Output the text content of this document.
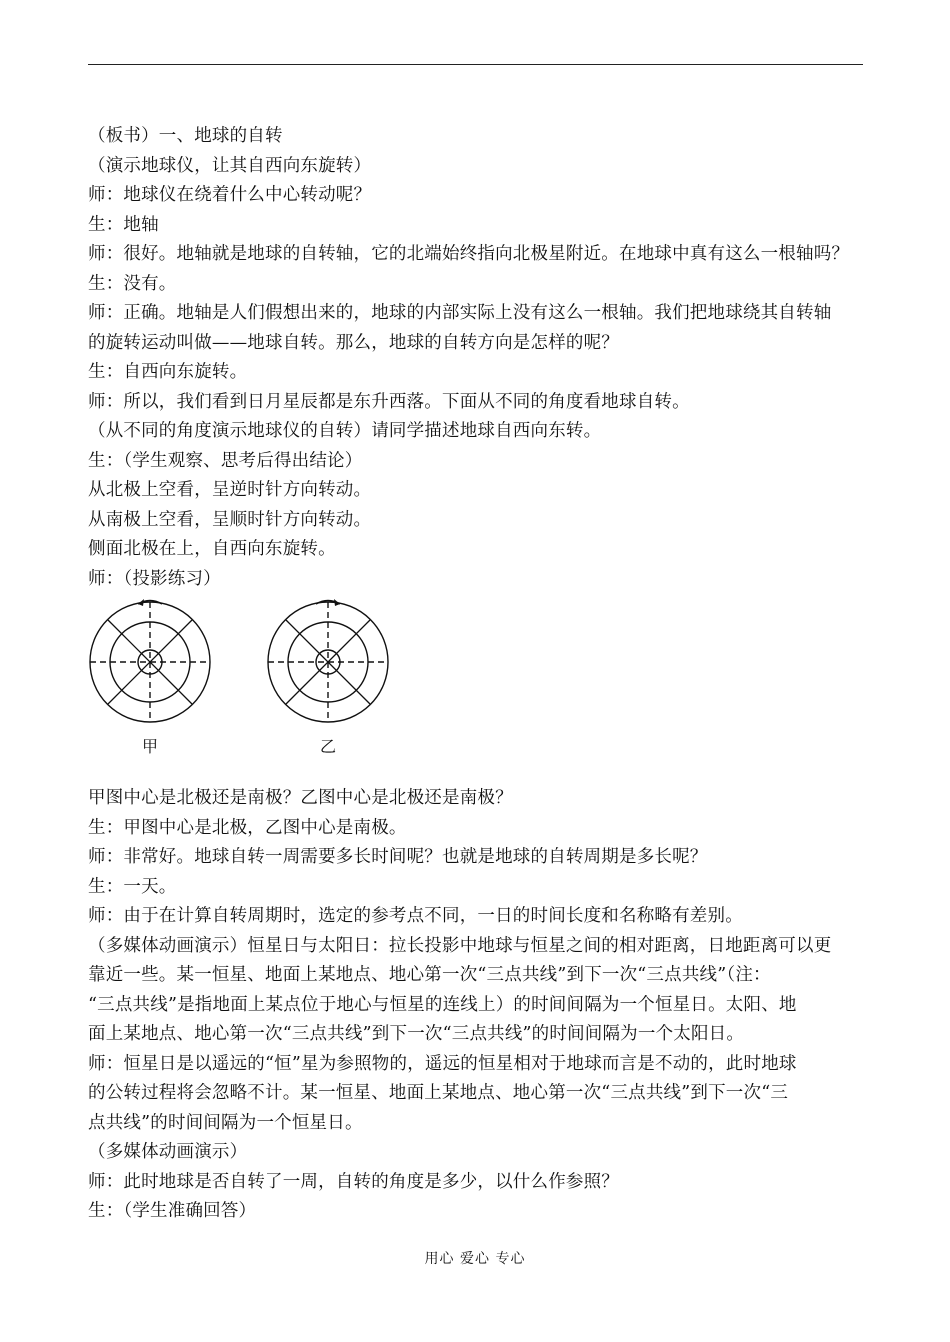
（板书）一、地球的自转
（演示地球仪，让其自西向东旋转）
师：地球仪在绕着什么中心转动呢？
生：地轴
师：很好。地轴就是地球的自转轴，它的北端始终指向北极星附近。在地球中真有这么一根轴吗？
生：没有。
师：正确。地轴是人们假想出来的，地球的内部实际上没有这么一根轴。我们把地球绕其自转轴
的旋转运动叫做——地球自转。那么，地球的自转方向是怎样的呢？
生：自西向东旋转。
师：所以，我们看到日月星辰都是东升西落。下面从不同的角度看地球自转。
（从不同的角度演示地球仪的自转）请同学描述地球自西向东转。
生：（学生观察、思考后得出结论）
从北极上空看，呈逆时针方向转动。
从南极上空看，呈顺时针方向转动。
侧面北极在上，自西向东旋转。
师：（投影练习）
甲	乙
甲图中心是北极还是南极？乙图中心是北极还是南极？
生：甲图中心是北极，乙图中心是南极。
师：非常好。地球自转一周需要多长时间呢？也就是地球的自转周期是多长呢？
生：一天。
师：由于在计算自转周期时，选定的参考点不同，一日的时间长度和名称略有差别。
（多媒体动画演示）恒星日与太阳日：拉长投影中地球与恒星之间的相对距离，日地距离可以更
靠近一些。某一恒星、地面上某地点、地心第一次“三点共线”到下一次“三点共线”（注：
“三点共线”是指地面上某点位于地心与恒星的连线上）的时间间隔为一个恒星日。太阳、地
面上某地点、地心第一次“三点共线”到下一次“三点共线”的时间间隔为一个太阳日。
师：恒星日是以遥远的“恒”星为参照物的，遥远的恒星相对于地球而言是不动的，此时地球
的公转过程将会忽略不计。某一恒星、地面上某地点、地心第一次“三点共线”到下一次“三
点共线”的时间间隔为一个恒星日。
（多媒体动画演示）
师：此时地球是否自转了一周，自转的角度是多少，以什么作参照？
生：（学生准确回答）
用心 爱心 专心
